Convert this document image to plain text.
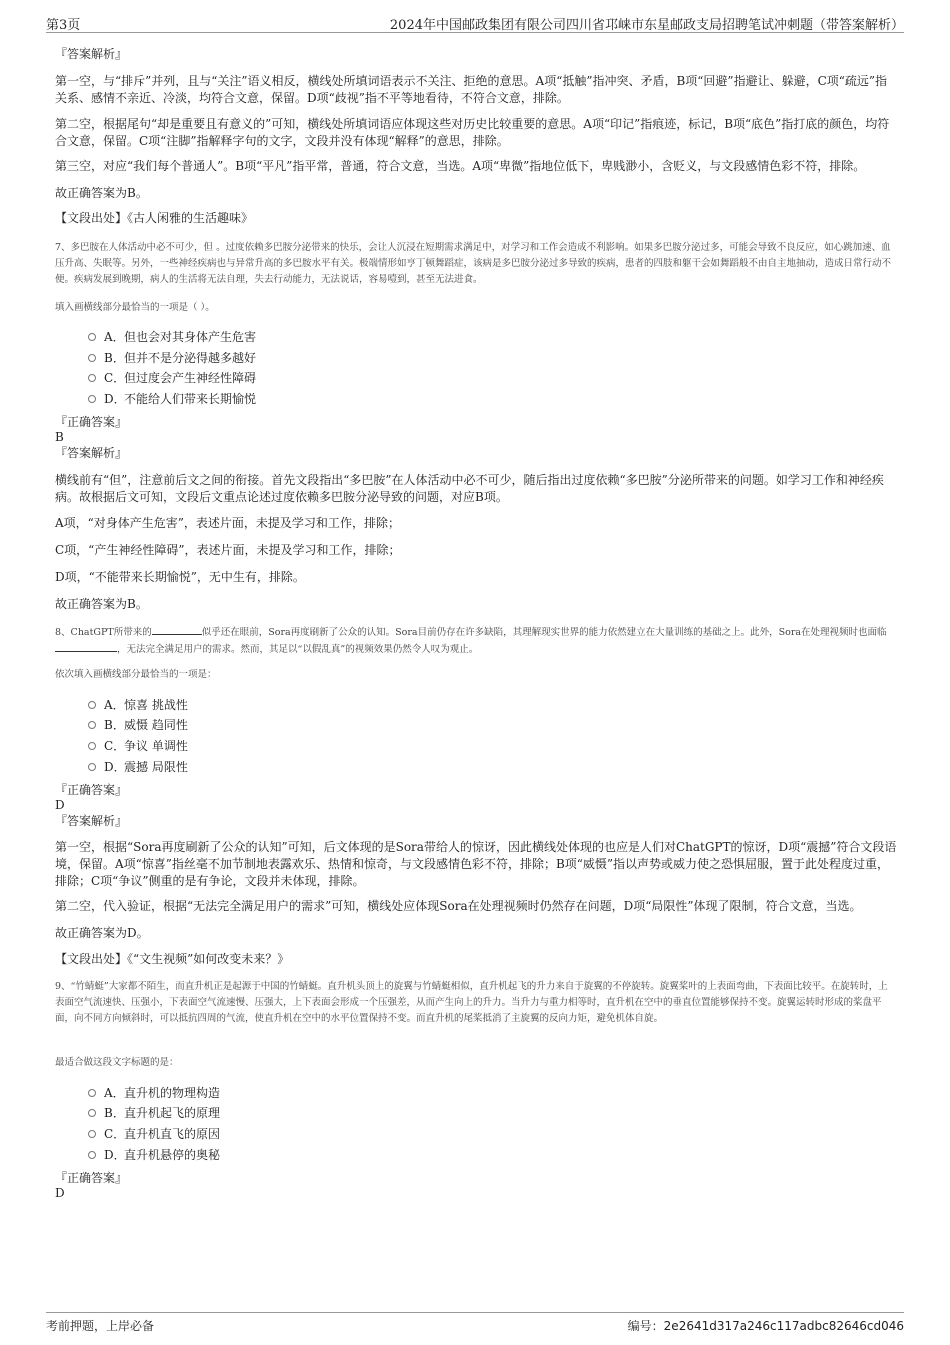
第3页	2024年中国邮政集团有限公司四川省邛崃市东星邮政支局招聘笔试冲刺题（带答案解析）
『答案解析』
第一空，与“排斥”并列，且与“关注”语义相反，横线处所填词语表示不关注、拒绝的意思。A项“抵触”指冲突、矛盾，B项“回避”指避让、躲避，C项“疏远”指关系、感情不亲近、冷淡，均符合文意，保留。D项“歧视”指不平等地看待，不符合文意，排除。
第二空，根据尾句“却是重要且有意义的”可知，横线处所填词语应体现这些对历史比较重要的意思。A项“印记”指痕迹，标记，B项“底色”指打底的颜色，均符合文意，保留。C项“注脚”指解释字句的文字，文段并没有体现“解释”的意思，排除。
第三空，对应“我们每个普通人”。B项“平凡”指平常，普通，符合文意，当选。A项“卑微”指地位低下，卑贱渺小，含贬义，与文段感情色彩不符，排除。
故正确答案为B。
【文段出处】《古人闲雅的生活趣味》
7、多巴胺在人体活动中必不可少，但 。过度依赖多巴胺分泌带来的快乐，会让人沉浸在短期需求满足中，对学习和工作会造成不利影响。如果多巴胺分泌过多，可能会导致不良反应，如心跳加速、血压升高、失眠等。另外，一些神经疾病也与异常升高的多巴胺水平有关。极端情形如亨丁顿舞蹈症，该病是多巴胺分泌过多导致的疾病，患者的四肢和躯干会如舞蹈般不由自主地抽动，造成日常行动不便。疾病发展到晚期，病人的生活将无法自理，失去行动能力，无法说话，容易噎到，甚至无法进食。
填入画横线部分最恰当的一项是（ ）。
A．但也会对其身体产生危害
B．但并不是分泌得越多越好
C．但过度会产生神经性障碍
D．不能给人们带来长期愉悦
『正确答案』
B
『答案解析』
横线前有“但”，注意前后文之间的衔接。首先文段指出“多巴胺”在人体活动中必不可少，随后指出过度依赖“多巴胺”分泌所带来的问题。如学习工作和神经疾病。故根据后文可知，文段后文重点论述过度依赖多巴胺分泌导致的问题，对应B项。
A项，“对身体产生危害”，表述片面，未提及学习和工作，排除；
C项，“产生神经性障碍”，表述片面，未提及学习和工作，排除；
D项，“不能带来长期愉悦”，无中生有，排除。
故正确答案为B。
8、ChatGPT所带来的	似乎还在眼前，Sora再度刷新了公众的认知。Sora目前仍存在许多缺陷，其理解现实世界的能力依然建立在大量训练的基础之上。此外，Sora在处理视频时也面临，无法完全满足用户的需求。然而，其足以“以假乱真”的视频效果仍然令人叹为观止。
依次填入画横线部分最恰当的一项是：
A．惊喜 挑战性
B．威慑 趋同性
C．争议 单调性
D．震撼 局限性
『正确答案』
D
『答案解析』
第一空，根据“Sora再度刷新了公众的认知”可知，后文体现的是Sora带给人的惊讶，因此横线处体现的也应是人们对ChatGPT的惊讶，D项“震撼”符合文段语境，保留。A项“惊喜”指丝毫不加节制地表露欢乐、热情和惊奇，与文段感情色彩不符，排除；B项“威慑”指以声势或威力使之恐惧屈服，置于此处程度过重，排除；C项“争议”侧重的是有争论，文段并未体现，排除。
第二空，代入验证，根据“无法完全满足用户的需求”可知，横线处应体现Sora在处理视频时仍然存在问题，D项“局限性”体现了限制，符合文意，当选。
故正确答案为D。
【文段出处】《“文生视频”如何改变未来？》
9、“竹蜻蜓”大家都不陌生，而直升机正是起源于中国的竹蜻蜓。直升机头顶上的旋翼与竹蜻蜓相似，直升机起飞的升力来自于旋翼的不停旋转。旋翼桨叶的上表面弯曲，下表面比较平。在旋转时，上表面空气流速快、压强小，下表面空气流速慢、压强大，上下表面会形成一个压强差，从而产生向上的升力。当升力与重力相等时，直升机在空中的垂直位置能够保持不变。旋翼运转时形成的桨盘平面，向不同方向倾斜时，可以抵抗四周的气流，使直升机在空中的水平位置保持不变。而直升机的尾桨抵消了主旋翼的反向力矩，避免机体自旋。
最适合做这段文字标题的是：
A．直升机的物理构造
B．直升机起飞的原理
C．直升机直飞的原因
D．直升机悬停的奥秘
『正确答案』
D
考前押题，上岸必备	编号：2e2641d317a246c117adbc82646cd046
